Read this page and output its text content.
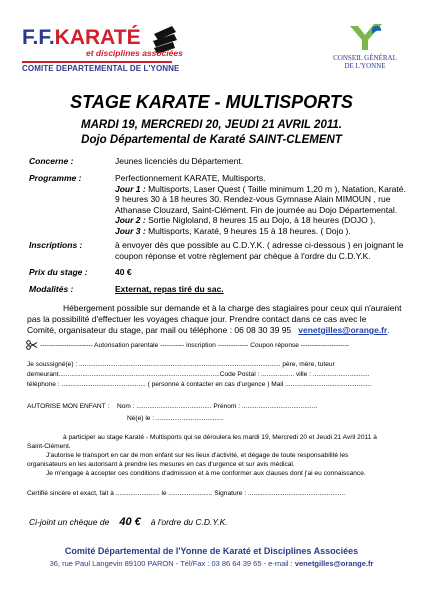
F.F.KARATÉ
et disciplines associées
COMITE DEPARTEMENTAL DE L'YONNE
CONSEIL GÉNÉRAL
DE L'YONNE
STAGE KARATE - MULTISPORTS
MARDI 19, MERCREDI 20, JEUDI 21 AVRIL 2011.
Dojo Départemental de Karaté SAINT-CLEMENT
Concerne :	Jeunes licenciés du Département.
Programme :	Perfectionnement KARATE, Multisports.
Jour 1 : Multisports, Laser Quest ( Taille minimum 1,20 m ), Natation, Karaté.
9 heures 30 à 18 heures 30. Rendez-vous Gymnase Alain MIMOUN , rue
Athanase Clouzard, Saint-Clément. Fin de journée au Dojo Départemental.
Jour 2 : Sortie Nigloland, 8 heures 15 au Dojo, à 18 heures (DOJO ).
Jour 3 : Multisports, Karaté, 9 heures 15 à 18 heures. ( Dojo ).
Inscriptions :	à envoyer dès que possible au C.D.Y.K. ( adresse ci-dessous ) en joignant le
coupon réponse et votre règlement par chèque à l'ordre du C.D.Y.K.
Prix du stage :	40 €
Modalités :	Externat, repas tiré du sac.
Hébergement possible sur demande et à la charge des stagiaires pour ceux qui n'auraient
pas la possibilité d'effectuer les voyages chaque jour. Prendre contact dans ce cas avec le
Comité, organisateur du stage, par mail ou téléphone : 06 08 30 39 95 venetgilles@orange.fr.
------------------------ Autorisation parentale ----------- inscription -------------- Coupon réponse ----------------------
Je soussigné(e) : .............................................................................................................. père, mère, tuteur
demeurant........................................................................................Code Postal : .................. ville : ...............................
téléphone : .............................................. ( personne à contacter en cas d'urgence ) Mail ...............................................
AUTORISE MON ENFANT : Nom : ......................................... Prénom : .........................................
Né(e) le : .....................................
à participer au stage Karaté - Multisports qui se déroulera les mardi 19, Mercredi 20 et Jeudi 21 Avril 2011 à
Saint-Clément.
J'autorise le transport en car de mon enfant sur les lieux d'activité, et dégage de toute responsabilité les
organisateurs en les autorisant à prendre les mesures en cas d'urgence et sur avis médical.
Je m'engage à accepter ces conditions d'admission et à me conformer aux clauses dont j'ai eu connaissance.
Certifié sincère et exact, fait à ........................ le ........................ Signature : .....................................................
Ci-joint un chèque de 40 € à l'ordre du C.D.Y.K.
Comité Départemental de l'Yonne de Karaté et Disciplines Associées
36, rue Paul Langevin 89100 PARON - Tél/Fax : 03 86 64 39 65 - e-mail : venetgilles@orange.fr
